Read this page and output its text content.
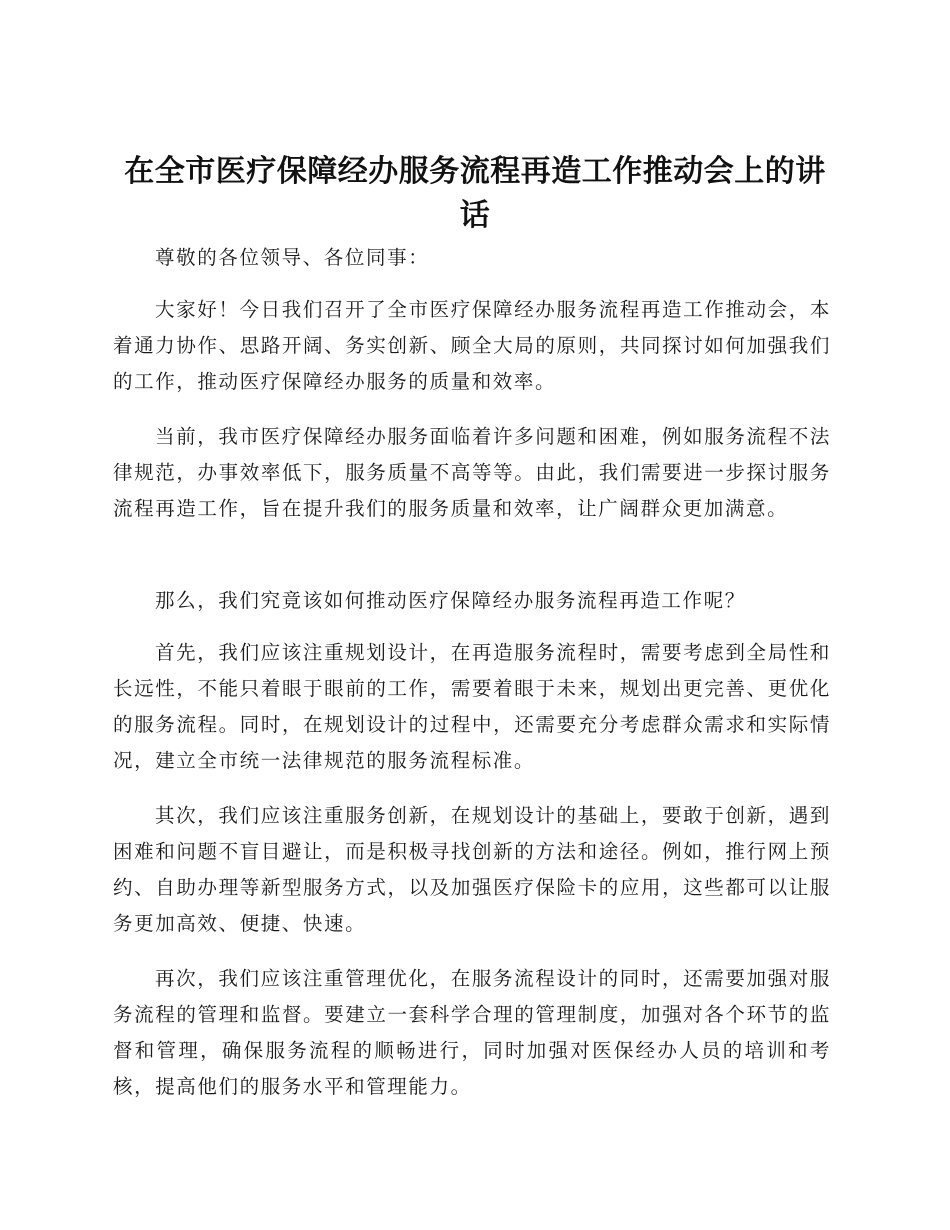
在全市医疗保障经办服务流程再造工作推动会上的讲话

尊敬的各位领导、各位同事：

大家好！今日我们召开了全市医疗保障经办服务流程再造工作推动会，本着通力协作、思路开阔、务实创新、顾全大局的原则，共同探讨如何加强我们的工作，推动医疗保障经办服务的质量和效率。

当前，我市医疗保障经办服务面临着许多问题和困难，例如服务流程不法律规范，办事效率低下，服务质量不高等等。由此，我们需要进一步探讨服务流程再造工作，旨在提升我们的服务质量和效率，让广阔群众更加满意。

那么，我们究竟该如何推动医疗保障经办服务流程再造工作呢？

首先，我们应该注重规划设计，在再造服务流程时，需要考虑到全局性和长远性，不能只着眼于眼前的工作，需要着眼于未来，规划出更完善、更优化的服务流程。同时，在规划设计的过程中，还需要充分考虑群众需求和实际情况，建立全市统一法律规范的服务流程标准。

其次，我们应该注重服务创新，在规划设计的基础上，要敢于创新，遇到困难和问题不盲目避让，而是积极寻找创新的方法和途径。例如，推行网上预约、自助办理等新型服务方式，以及加强医疗保险卡的应用，这些都可以让服务更加高效、便捷、快速。

再次，我们应该注重管理优化，在服务流程设计的同时，还需要加强对服务流程的管理和监督。要建立一套科学合理的管理制度，加强对各个环节的监督和管理，确保服务流程的顺畅进行，同时加强对医保经办人员的培训和考核，提高他们的服务水平和管理能力。
